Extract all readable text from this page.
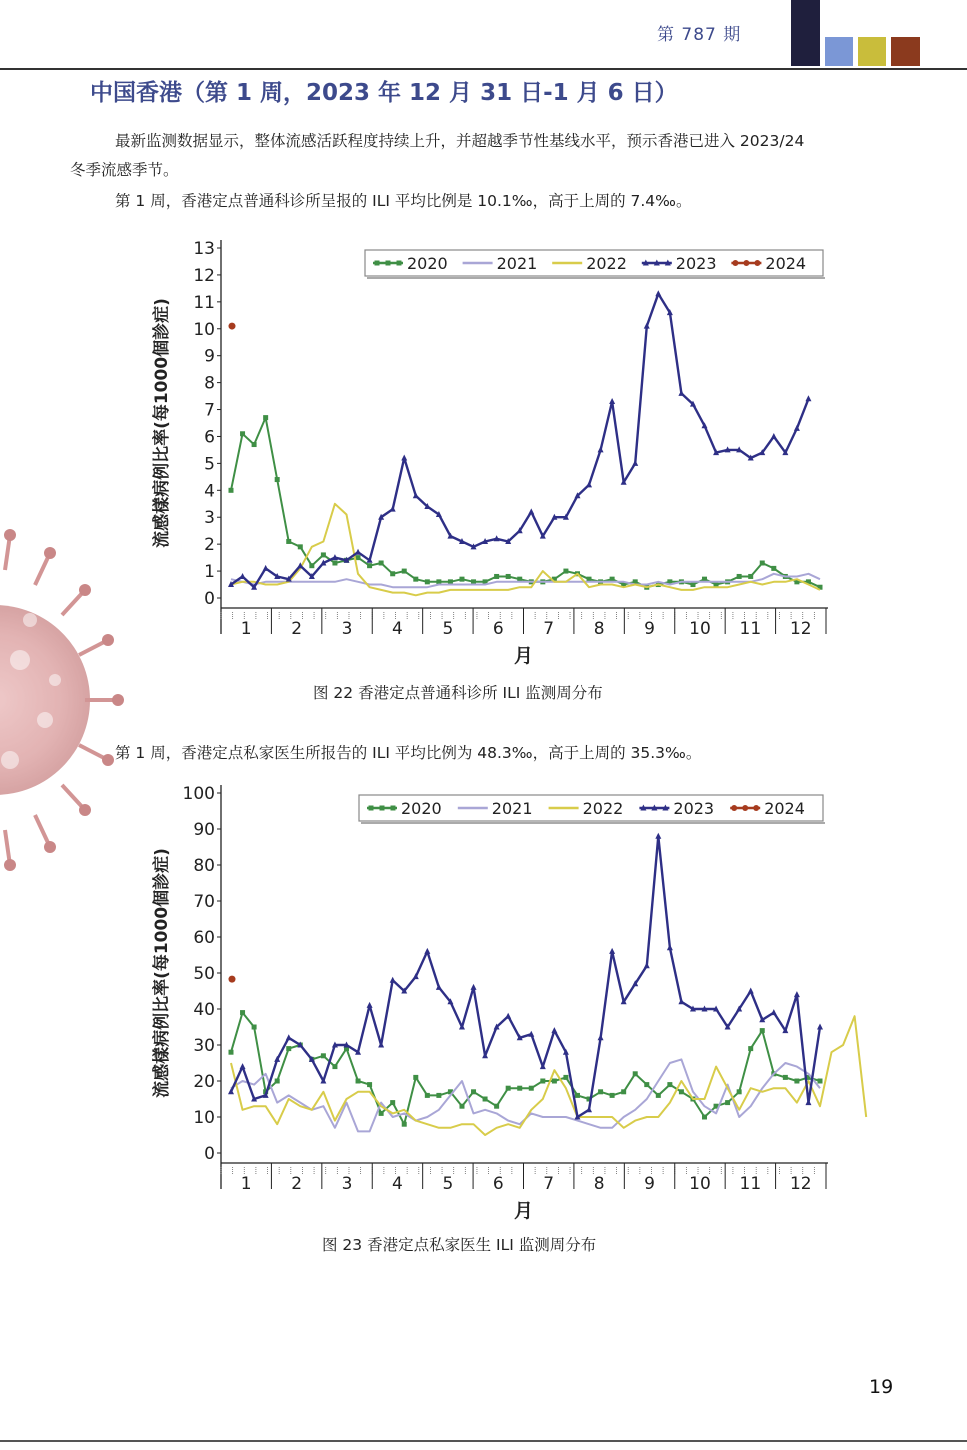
第 787 期
中国香港（第 1 周，2023 年 12 月 31 日-1 月 6 日）
最新监测数据显示，整体流感活跃程度持续上升，并超越季节性基线水平，预示香港已进入 2023/24
冬季流感季节。
第 1 周，香港定点普通科诊所呈报的 ILI 平均比例是 10.1‰，高于上周的 7.4‰。
0
1
2
3
4
5
6
7
8
9
10
11
12
13
1 2 3 4 5 6 7 8 9 10 11 12
月
流感樣病例比率(每1000個診症)
2020	2021	2022	2023	2024
图 22 香港定点普通科诊所 ILI 监测周分布
第 1 周，香港定点私家医生所报告的 ILI 平均比例为 48.3‰，高于上周的 35.3‰。
0
10
20
30
40
50
60
70
80
90
100
1 2 3 4 5 6 7 8 9 10 11 12
月
流感樣病例比率(每1000個診症)
2020	2021	2022	2023	2024
图 23 香港定点私家医生 ILI 监测周分布
19
